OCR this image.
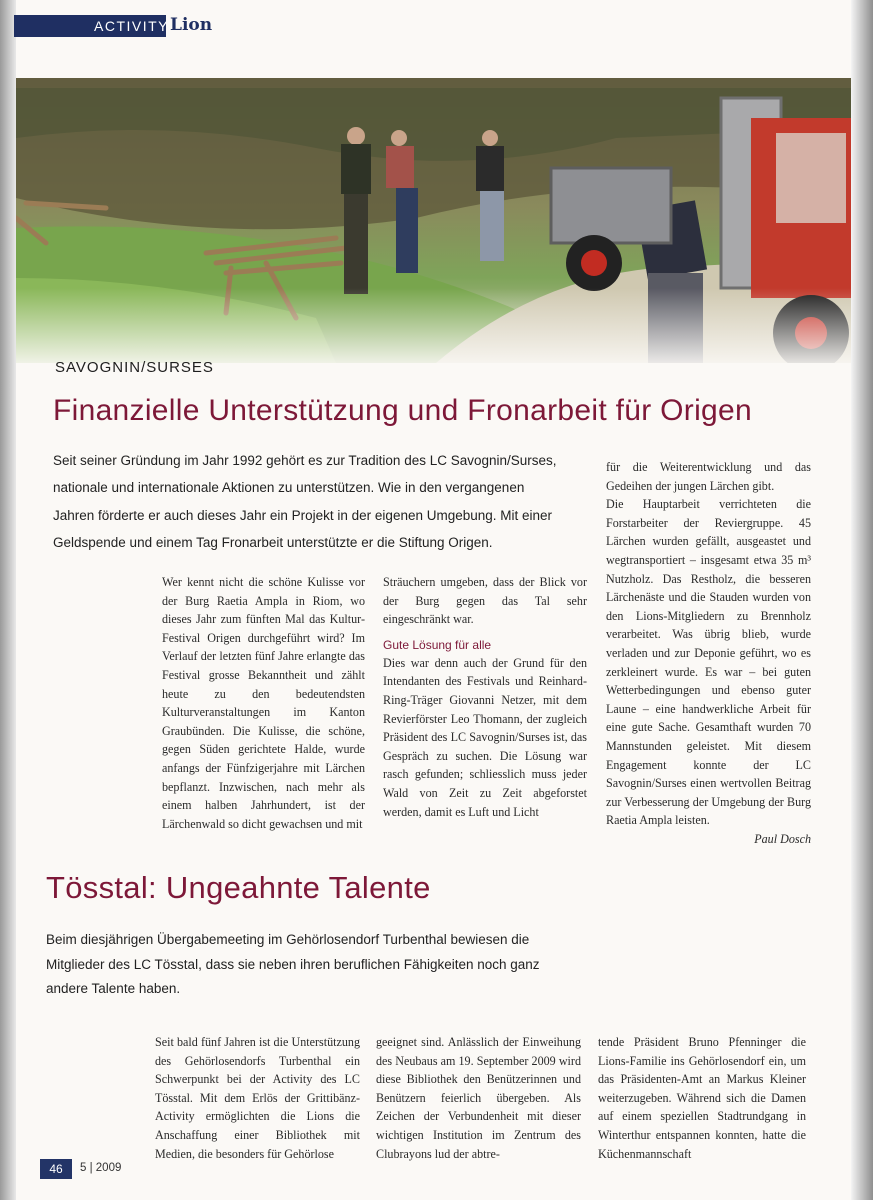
ACTIVITY Lion
SAVOGNIN/SURSES
Finanzielle Unterstützung und Fronarbeit für Origen
Seit seiner Gründung im Jahr 1992 gehört es zur Tradition des LC Savognin/Surses,
nationale und internationale Aktionen zu unterstützen. Wie in den vergangenen
Jahren förderte er auch dieses Jahr ein Projekt in der eigenen Umgebung. Mit einer
Geldspende und einem Tag Fronarbeit unterstützte er die Stiftung Origen.

Wer kennt nicht die schöne Kulisse vor der Burg Raetia Ampla in Riom, wo dieses Jahr zum fünften Mal das Kultur-Festival Origen durchgeführt wird? Im Verlauf der letzten fünf Jahre erlangte das Festival grosse Bekanntheit und zählt heute zu den bedeutendsten Kulturveranstaltungen im Kanton Graubünden. Die Kulisse, die schöne, gegen Süden gerichtete Halde, wurde anfangs der Fünfzigerjahre mit Lärchen bepflanzt. Inzwischen, nach mehr als einem halben Jahrhundert, ist der Lärchenwald so dicht gewachsen und mit

Sträuchern umgeben, dass der Blick vor der Burg gegen das Tal sehr eingeschränkt war.

Gute Lösung für alle

Dies war denn auch der Grund für den Intendanten des Festivals und Reinhard-Ring-Träger Giovanni Netzer, mit dem Revierförster Leo Thomann, der zugleich Präsident des LC Savognin/Surses ist, das Gespräch zu suchen. Die Lösung war rasch gefunden; schliesslich muss jeder Wald von Zeit zu Zeit abgeforstet werden, damit es Luft und Licht

für die Weiterentwicklung und das Gedeihen der jungen Lärchen gibt.

Die Hauptarbeit verrichteten die Forstarbeiter der Reviergruppe. 45 Lärchen wurden gefällt, ausgeastet und wegtransportiert – insgesamt etwa 35 m³ Nutzholz. Das Restholz, die besseren Lärchenäste und die Stauden wurden von den Lions-Mitgliedern zu Brennholz verarbeitet. Was übrig blieb, wurde verladen und zur Deponie geführt, wo es zerkleinert wurde. Es war – bei guten Wetterbedingungen und ebenso guter Laune – eine handwerkliche Arbeit für eine gute Sache. Gesamthaft wurden 70 Mannstunden geleistet. Mit diesem Engagement konnte der LC Savognin/Surses einen wertvollen Beitrag zur Verbesserung der Umgebung der Burg Raetia Ampla leisten.

Paul Dosch

Tösstal: Ungeahnte Talente
Beim diesjährigen Übergabemeeting im Gehörlosendorf Turbenthal bewiesen die
Mitglieder des LC Tösstal, dass sie neben ihren beruflichen Fähigkeiten noch ganz
andere Talente haben.

Seit bald fünf Jahren ist die Unterstützung des Gehörlosendorfs Turbenthal ein Schwerpunkt bei der Activity des LC Tösstal. Mit dem Erlös der Grittibänz-Activity ermöglichten die Lions die Anschaffung einer Bibliothek mit Medien, die besonders für Gehörlose

geeignet sind. Anlässlich der Einweihung des Neubaus am 19. September 2009 wird diese Bibliothek den Benützerinnen und Benützern feierlich übergeben. Als Zeichen der Verbundenheit mit dieser wichtigen Institution im Zentrum des Clubrayons lud der abtre-

tende Präsident Bruno Pfenninger die Lions-Familie ins Gehörlosendorf ein, um das Präsidenten-Amt an Markus Kleiner weiterzugeben. Während sich die Damen auf einem speziellen Stadtrundgang in Winterthur entspannen konnten, hatte die Küchenmannschaft

46	5 | 2009
